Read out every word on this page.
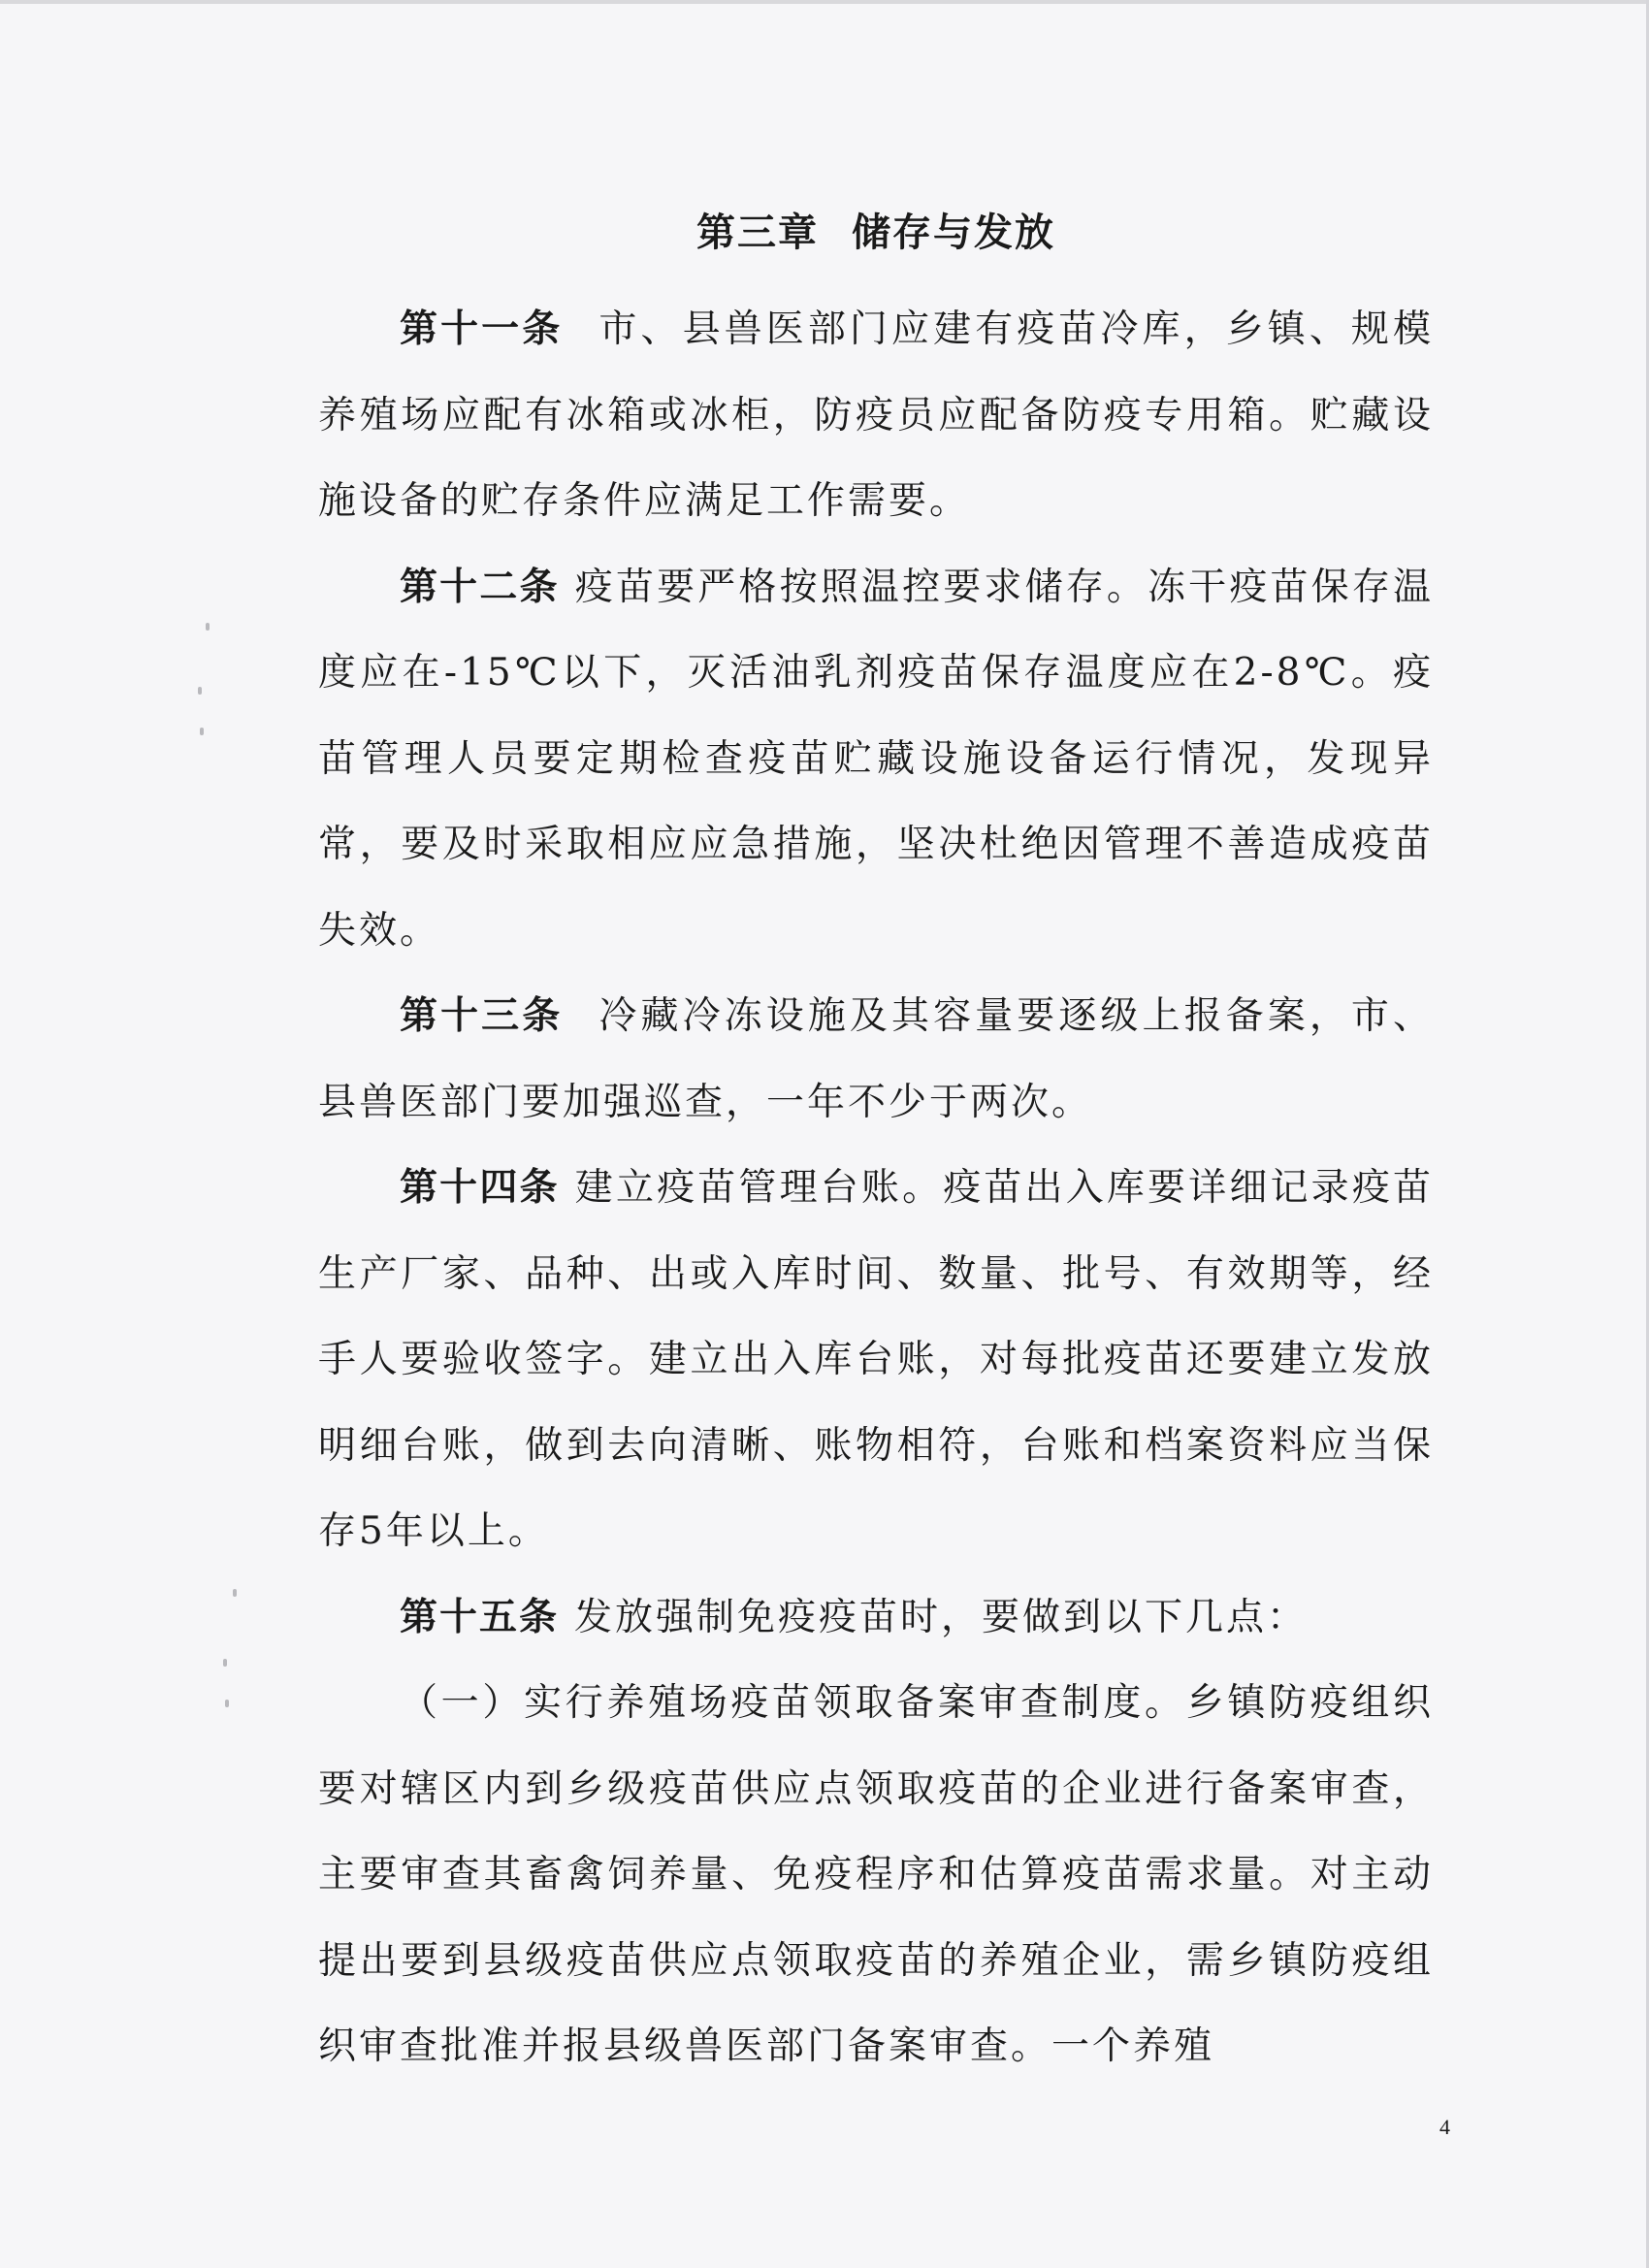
第三章 储存与发放

第十一条 市、县兽医部门应建有疫苗冷库，乡镇、规模养殖场应配有冰箱或冰柜，防疫员应配备防疫专用箱。贮藏设施设备的贮存条件应满足工作需要。

第十二条 疫苗要严格按照温控要求储存。冻干疫苗保存温度应在-15℃以下，灭活油乳剂疫苗保存温度应在2-8℃。疫苗管理人员要定期检查疫苗贮藏设施设备运行情况，发现异常，要及时采取相应应急措施，坚决杜绝因管理不善造成疫苗失效。

第十三条 冷藏冷冻设施及其容量要逐级上报备案，市、县兽医部门要加强巡查，一年不少于两次。

第十四条 建立疫苗管理台账。疫苗出入库要详细记录疫苗生产厂家、品种、出或入库时间、数量、批号、有效期等，经手人要验收签字。建立出入库台账，对每批疫苗还要建立发放明细台账，做到去向清晰、账物相符，台账和档案资料应当保存5年以上。

第十五条 发放强制免疫疫苗时，要做到以下几点：

（一）实行养殖场疫苗领取备案审查制度。乡镇防疫组织要对辖区内到乡级疫苗供应点领取疫苗的企业进行备案审查，主要审查其畜禽饲养量、免疫程序和估算疫苗需求量。对主动提出要到县级疫苗供应点领取疫苗的养殖企业，需乡镇防疫组织审查批准并报县级兽医部门备案审查。一个养殖

4
